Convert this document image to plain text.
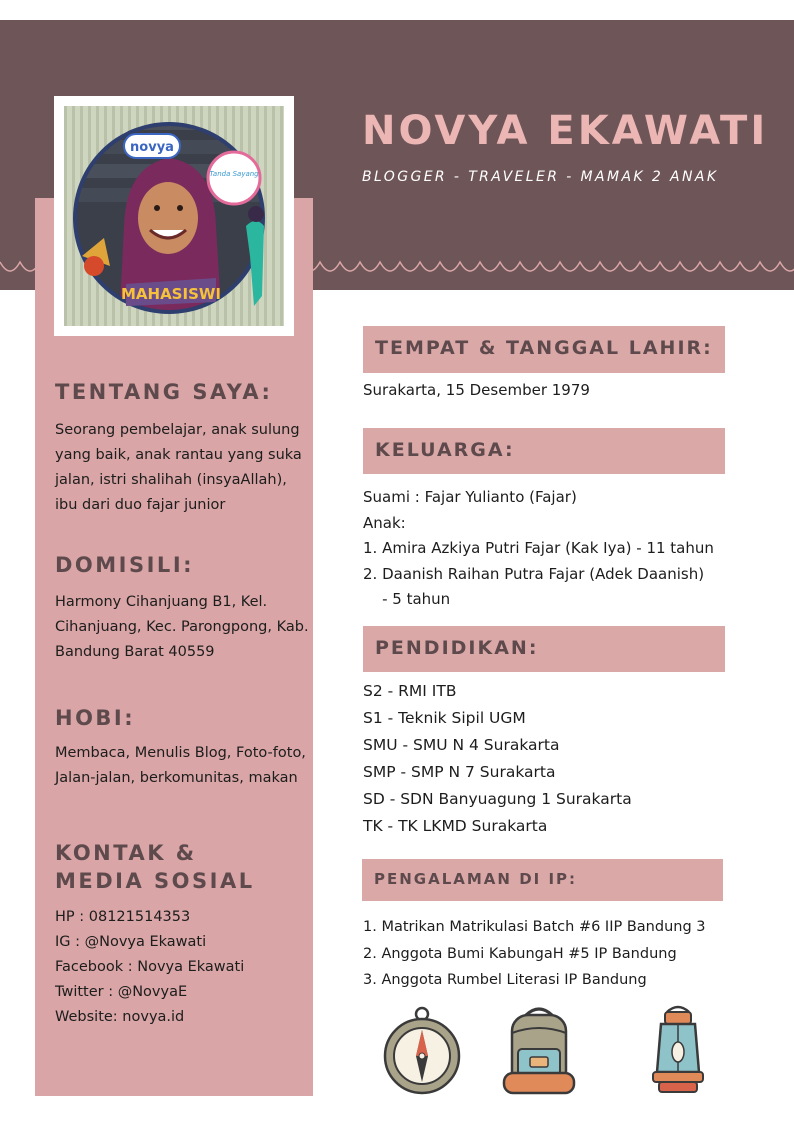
NOVYA EKAWATI
BLOGGER - TRAVELER - MAMAK 2 ANAK
novya
Tanda Sayang
MAHASISWI
TENTANG SAYA:
Seorang pembelajar, anak sulung
yang baik, anak rantau yang suka
jalan, istri shalihah (insyaAllah),
ibu dari duo fajar junior
DOMISILI:
Harmony Cihanjuang B1, Kel.
Cihanjuang, Kec. Parongpong, Kab.
Bandung Barat 40559
HOBI:
Membaca, Menulis Blog, Foto-foto,
Jalan-jalan, berkomunitas, makan
KONTAK &
MEDIA SOSIAL
HP : 08121514353
IG : @Novya Ekawati
Facebook : Novya Ekawati
Twitter : @NovyaE
Website: novya.id
TEMPAT & TANGGAL LAHIR:
Surakarta, 15 Desember 1979
KELUARGA:
Suami : Fajar Yulianto (Fajar)
Anak:
1. Amira Azkiya Putri Fajar (Kak Iya) - 11 tahun
2. Daanish Raihan Putra Fajar (Adek Daanish)
- 5 tahun
PENDIDIKAN:
S2 - RMI ITB
S1 - Teknik Sipil UGM
SMU - SMU N 4 Surakarta
SMP - SMP N 7 Surakarta
SD - SDN Banyuagung 1 Surakarta
TK - TK LKMD Surakarta
PENGALAMAN DI IP:
1. Matrikan Matrikulasi Batch #6 IIP Bandung 3
2. Anggota Bumi KabungaH #5 IP Bandung
3. Anggota Rumbel Literasi IP Bandung
